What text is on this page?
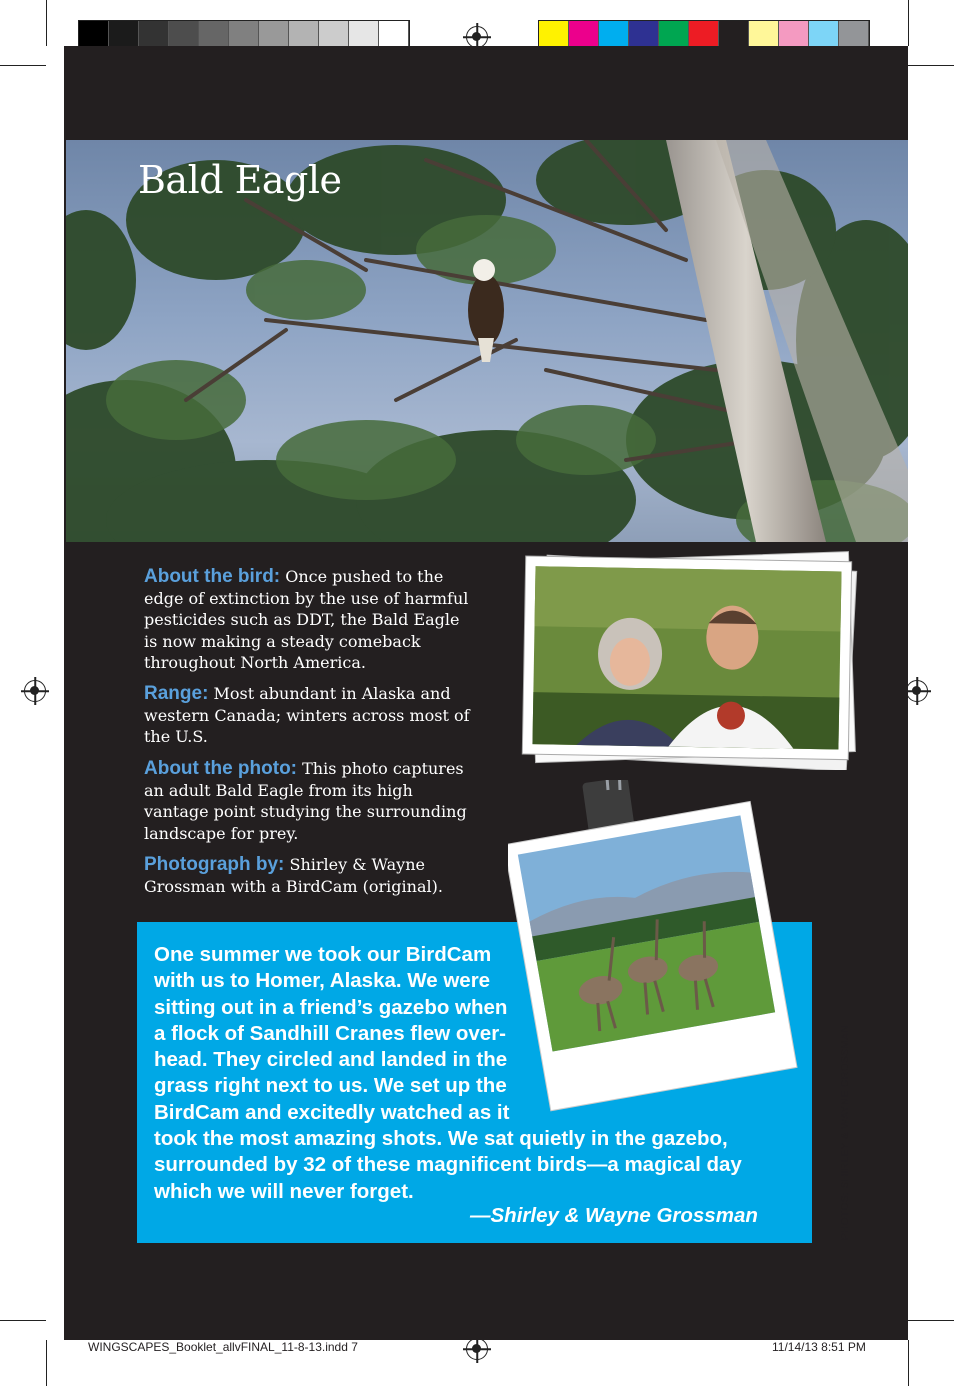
Bald Eagle
About the bird: Once pushed to the edge of extinction by the use of harmful pesticides such as DDT, the Bald Eagle is now making a steady comeback throughout North America.
Range: Most abundant in Alaska and western Canada; winters across most of the U.S.
About the photo: This photo captures an adult Bald Eagle from its high vantage point studying the surrounding landscape for prey.
Photograph by: Shirley & Wayne Grossman with a BirdCam (original).
One summer we took our BirdCam
with us to Homer, Alaska. We were
sitting out in a friend’s gazebo when
a flock of Sandhill Cranes flew over-
head. They circled and landed in the
grass right next to us. We set up the
BirdCam and excitedly watched as it
took the most amazing shots. We sat quietly in the gazebo,
surrounded by 32 of these magnificent birds—a magical day
which we will never forget.
—Shirley & Wayne Grossman	PHOTOS: SHIRLEY & WAYNE GROSSMAN
WINGSCAPES_Booklet_allvFINAL_11-8-13.indd 7	11/14/13 8:51 PM
